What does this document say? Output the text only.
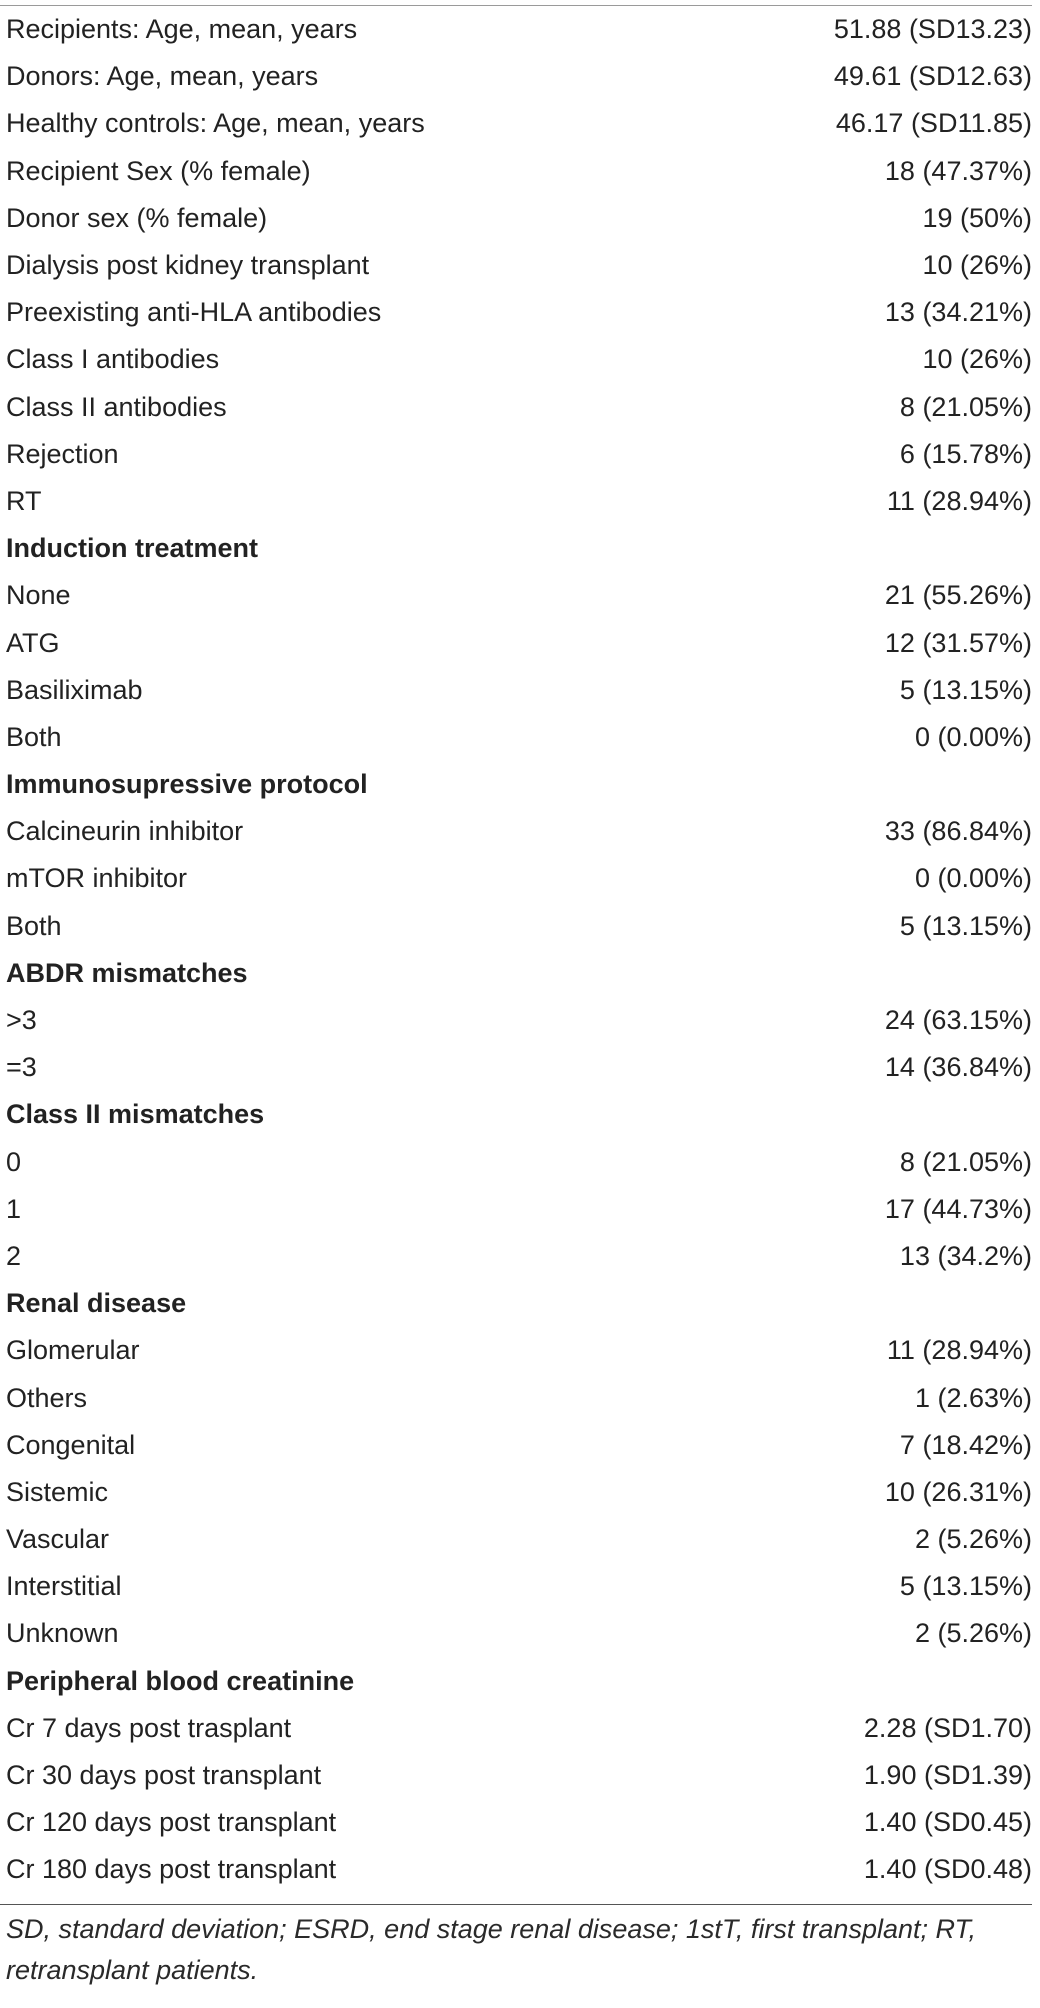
Recipients: Age, mean, years	51.88 (SD13.23)
Donors: Age, mean, years	49.61 (SD12.63)
Healthy controls: Age, mean, years	46.17 (SD11.85)
Recipient Sex (% female)	18 (47.37%)
Donor sex (% female)	19 (50%)
Dialysis post kidney transplant	10 (26%)
Preexisting anti-HLA antibodies	13 (34.21%)
Class I antibodies	10 (26%)
Class II antibodies	8 (21.05%)
Rejection	6 (15.78%)
RT	11 (28.94%)
Induction treatment	
None	21 (55.26%)
ATG	12 (31.57%)
Basiliximab	5 (13.15%)
Both	0 (0.00%)
Immunosupressive protocol	
Calcineurin inhibitor	33 (86.84%)
mTOR inhibitor	0 (0.00%)
Both	5 (13.15%)
ABDR mismatches	
>3	24 (63.15%)
=3	14 (36.84%)
Class II mismatches	
0	8 (21.05%)
1	17 (44.73%)
2	13 (34.2%)
Renal disease	
Glomerular	11 (28.94%)
Others	1 (2.63%)
Congenital	7 (18.42%)
Sistemic	10 (26.31%)
Vascular	2 (5.26%)
Interstitial	5 (13.15%)
Unknown	2 (5.26%)
Peripheral blood creatinine	
Cr 7 days post trasplant	2.28 (SD1.70)
Cr 30 days post transplant	1.90 (SD1.39)
Cr 120 days post transplant	1.40 (SD0.45)
Cr 180 days post transplant	1.40 (SD0.48)
SD, standard deviation; ESRD, end stage renal disease; 1stT, first transplant; RT, retransplant patients.
